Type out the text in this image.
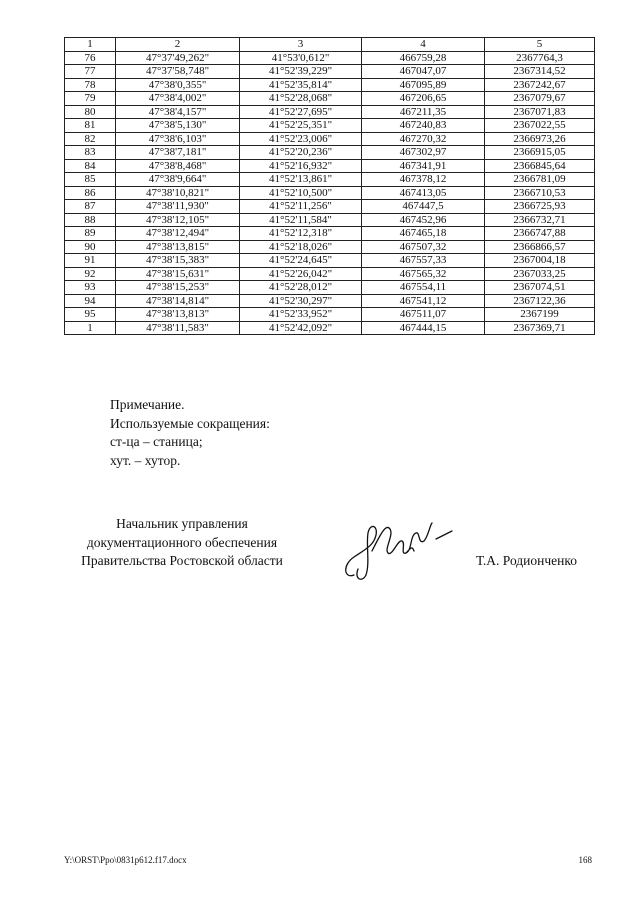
1	2	3	4	5
76	47°37'49,262"	41°53'0,612"	466759,28	2367764,3
77	47°37'58,748"	41°52'39,229"	467047,07	2367314,52
78	47°38'0,355"	41°52'35,814"	467095,89	2367242,67
79	47°38'4,002"	41°52'28,068"	467206,65	2367079,67
80	47°38'4,157"	41°52'27,695"	467211,35	2367071,83
81	47°38'5,130"	41°52'25,351"	467240,83	2367022,55
82	47°38'6,103"	41°52'23,006"	467270,32	2366973,26
83	47°38'7,181"	41°52'20,236"	467302,97	2366915,05
84	47°38'8,468"	41°52'16,932"	467341,91	2366845,64
85	47°38'9,664"	41°52'13,861"	467378,12	2366781,09
86	47°38'10,821"	41°52'10,500"	467413,05	2366710,53
87	47°38'11,930"	41°52'11,256"	467447,5	2366725,93
88	47°38'12,105"	41°52'11,584"	467452,96	2366732,71
89	47°38'12,494"	41°52'12,318"	467465,18	2366747,88
90	47°38'13,815"	41°52'18,026"	467507,32	2366866,57
91	47°38'15,383"	41°52'24,645"	467557,33	2367004,18
92	47°38'15,631"	41°52'26,042"	467565,32	2367033,25
93	47°38'15,253"	41°52'28,012"	467554,11	2367074,51
94	47°38'14,814"	41°52'30,297"	467541,12	2367122,36
95	47°38'13,813"	41°52'33,952"	467511,07	2367199
1	47°38'11,583"	41°52'42,092"	467444,15	2367369,71
Примечание.
Используемые сокращения:
ст-ца – станица;
хут. – хутор.
Начальник управления
документационного обеспечения
Правительства Ростовской области	Т.А. Родионченко
Y:\ORST\Ppo\0831p612.f17.docx	168
